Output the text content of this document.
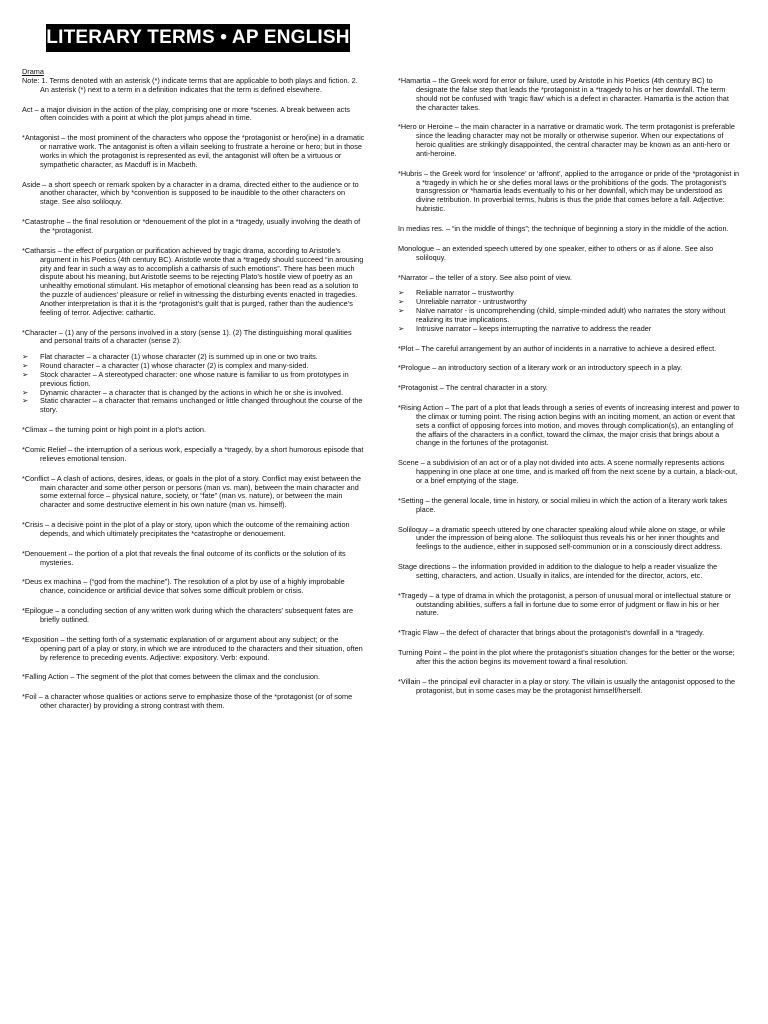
LITERARY TERMS • AP ENGLISH

Drama

Note: 1. Terms denoted with an asterisk (*) indicate terms that are applicable to both plays and fiction. 2. An asterisk (*) next to a term in a definition indicates that the term is defined elsewhere.

Act – a major division in the action of the play, comprising one or more *scenes. A break between acts often coincides with a point at which the plot jumps ahead in time.

*Antagonist – the most prominent of the characters who oppose the *protagonist or hero(ine) in a dramatic or narrative work. The antagonist is often a villain seeking to frustrate a heroine or hero; but in those works in which the protagonist is represented as evil, the antagonist will often be a virtuous or sympathetic character, as Macduff is in Macbeth.

Aside – a short speech or remark spoken by a character in a drama, directed either to the audience or to another character, which by *convention is supposed to be inaudible to the other characters on stage. See also soliloquy.

*Catastrophe – the final resolution or *denouement of the plot in a *tragedy, usually involving the death of the *protagonist.

*Catharsis – the effect of purgation or purification achieved by tragic drama, according to Aristotle’s argument in his Poetics (4th century BC). Aristotle wrote that a *tragedy should succeed “in arousing pity and fear in such a way as to accomplish a catharsis of such emotions”. There has been much dispute about his meaning, but Aristotle seems to be rejecting Plato’s hostile view of poetry as an unhealthy emotional stimulant. His metaphor of emotional cleansing has been read as a solution to the puzzle of audiences’ pleasure or relief in witnessing the disturbing events enacted in tragedies. Another interpretation is that it is the *protagonist’s guilt that is purged, rather than the audience’s feeling of terror. Adjective: cathartic.

*Character – (1) any of the persons involved in a story (sense 1). (2) The distinguishing moral qualities and personal traits of a character (sense 2).

➢	Flat character – a character (1) whose character (2) is summed up in one or two traits.
➢	Round character – a character (1) whose character (2) is complex and many-sided.
➢	Stock character – A stereotyped character: one whose nature is familiar to us from prototypes in previous fiction.
➢	Dynamic character – a character that is changed by the actions in which he or she is involved.
➢	Static character – a character that remains unchanged or little changed throughout the course of the story.

*Climax – the turning point or high point in a plot’s action.

*Comic Relief – the interruption of a serious work, especially a *tragedy, by a short humorous episode that relieves emotional tension.

*Conflict – A clash of actions, desires, ideas, or goals in the plot of a story. Conflict may exist between the main character and some other person or persons (man vs. man), between the main character and some external force – physical nature, society, or “fate” (man vs. nature), or between the main character and some destructive element in his own nature (man vs. himself).

*Crisis – a decisive point in the plot of a play or story, upon which the outcome of the remaining action depends, and which ultimately precipitates the *catastrophe or denouement.

*Denouement – the portion of a plot that reveals the final outcome of its conflicts or the solution of its mysteries.

*Deus ex machina – (“god from the machine”). The resolution of a plot by use of a highly improbable chance, coincidence or artificial device that solves some difficult problem or crisis.

*Epilogue – a concluding section of any written work during which the characters’ subsequent fates are briefly outlined.

*Exposition – the setting forth of a systematic explanation of or argument about any subject; or the opening part of a play or story, in which we are introduced to the characters and their situation, often by reference to preceding events. Adjective: expository. Verb: expound.

*Falling Action – The segment of the plot that comes between the climax and the conclusion.

*Foil – a character whose qualities or actions serve to emphasize those of the *protagonist (or of some other character) by providing a strong contrast with them.

*Hamartia – the Greek word for error or failure, used by Aristotle in his Poetics (4th century BC) to designate the false step that leads the *protagonist in a *tragedy to his or her downfall. The term should not be confused with ‘tragic flaw’ which is a defect in character. Hamartia is the action that the character takes.

*Hero or Heroine – the main character in a narrative or dramatic work. The term protagonist is preferable since the leading character may not be morally or otherwise superior. When our expectations of heroic qualities are strikingly disappointed, the central character may be known as an anti-hero or anti-heroine.

*Hubris – the Greek word for ‘insolence’ or ‘affront’, applied to the arrogance or pride of the *protagonist in a *tragedy in which he or she defies moral laws or the prohibitions of the gods. The protagonist’s transgression or *hamartia leads eventually to his or her downfall, which may be understood as divine retribution. In proverbial terms, hubris is thus the pride that comes before a fall. Adjective: hubristic.

In medias res. – “in the middle of things”; the technique of beginning a story in the middle of the action.

Monologue – an extended speech uttered by one speaker, either to others or as if alone. See also soliloquy.

*Narrator – the teller of a story. See also point of view.

➢	Reliable narrator – trustworthy
➢	Unreliable narrator - untrustworthy
➢	Naïve narrator - is uncomprehending (child, simple-minded adult) who narrates the story without realizing its true implications.
➢	Intrusive narrator – keeps interrupting the narrative to address the reader

*Plot – The careful arrangement by an author of incidents in a narrative to achieve a desired effect.

*Prologue – an introductory section of a literary work or an introductory speech in a play.

*Protagonist – The central character in a story.

*Rising Action – The part of a plot that leads through a series of events of increasing interest and power to the climax or turning point. The rising action begins with an inciting moment, an action or event that sets a conflict of opposing forces into motion, and moves through complication(s), an entangling of the affairs of the characters in a conflict, toward the climax, the major crisis that brings about a change in the fortunes of the protagonist.

Scene – a subdivision of an act or of a play not divided into acts. A scene normally represents actions happening in one place at one time, and is marked off from the next scene by a curtain, a black-out, or a brief emptying of the stage.

*Setting – the general locale, time in history, or social milieu in which the action of a literary work takes place.

Soliloquy – a dramatic speech uttered by one character speaking aloud while alone on stage, or while under the impression of being alone. The soliloquist thus reveals his or her inner thoughts and feelings to the audience, either in supposed self-communion or in a consciously direct address.

Stage directions – the information provided in addition to the dialogue to help a reader visualize the setting, characters, and action. Usually in italics, are intended for the director, actors, etc.

*Tragedy – a type of drama in which the protagonist, a person of unusual moral or intellectual stature or outstanding abilities, suffers a fall in fortune due to some error of judgment or flaw in his or her nature.

*Tragic Flaw – the defect of character that brings about the protagonist’s downfall in a *tragedy.

Turning Point – the point in the plot where the protagonist’s situation changes for the better or the worse; after this the action begins its movement toward a final resolution.

*Villain – the principal evil character in a play or story. The villain is usually the antagonist opposed to the protagonist, but in some cases may be the protagonist himself/herself.
